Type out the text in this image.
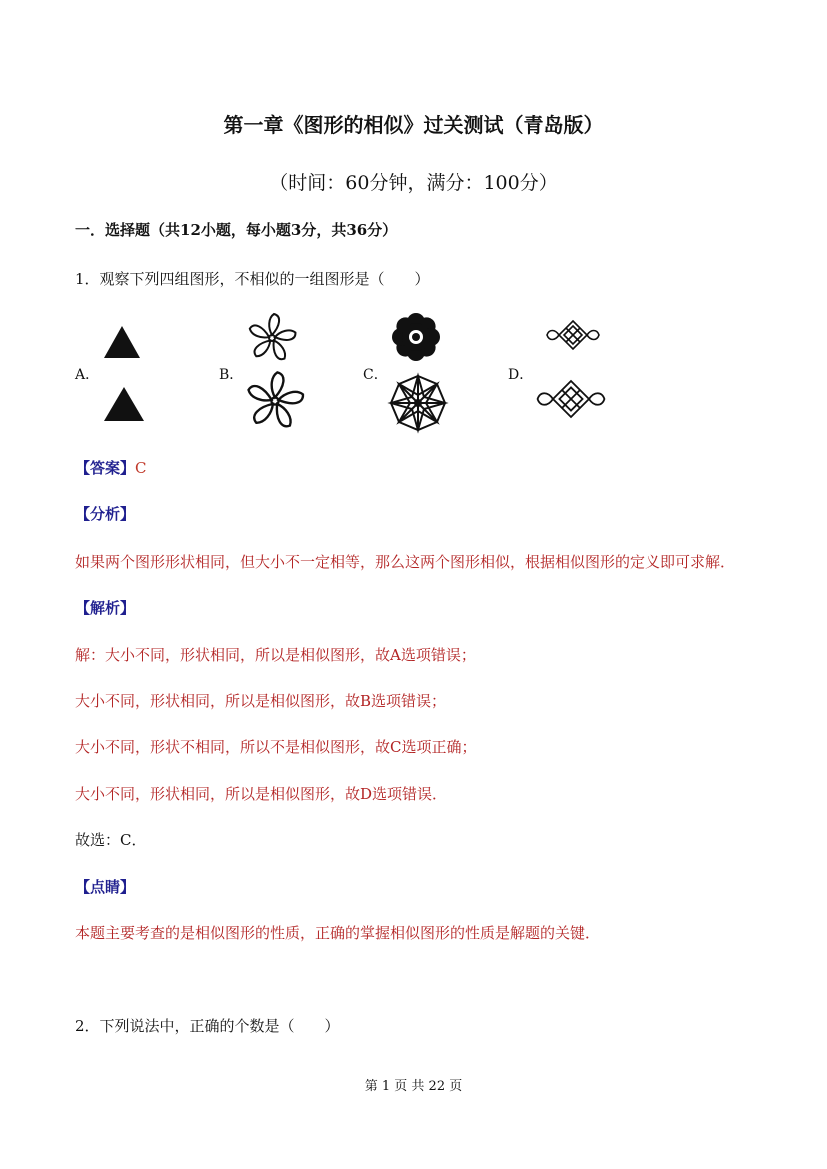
第一章《图形的相似》过关测试（青岛版）
（时间：60分钟，满分：100分）
一．选择题（共12小题，每小题3分，共36分）
1．观察下列四组图形，不相似的一组图形是（　　）
A．	B．	C．	D．
【答案】C
【分析】
如果两个图形形状相同，但大小不一定相等，那么这两个图形相似，根据相似图形的定义即可求解．
【解析】
解：大小不同，形状相同，所以是相似图形，故A选项错误；
大小不同，形状相同，所以是相似图形，故B选项错误；
大小不同，形状不相同，所以不是相似图形，故C选项正确；
大小不同，形状相同，所以是相似图形，故D选项错误．
故选：C．
【点睛】
本题主要考查的是相似图形的性质，正确的掌握相似图形的性质是解题的关键．
2．下列说法中，正确的个数是（　　）
第 1 页 共 22 页
